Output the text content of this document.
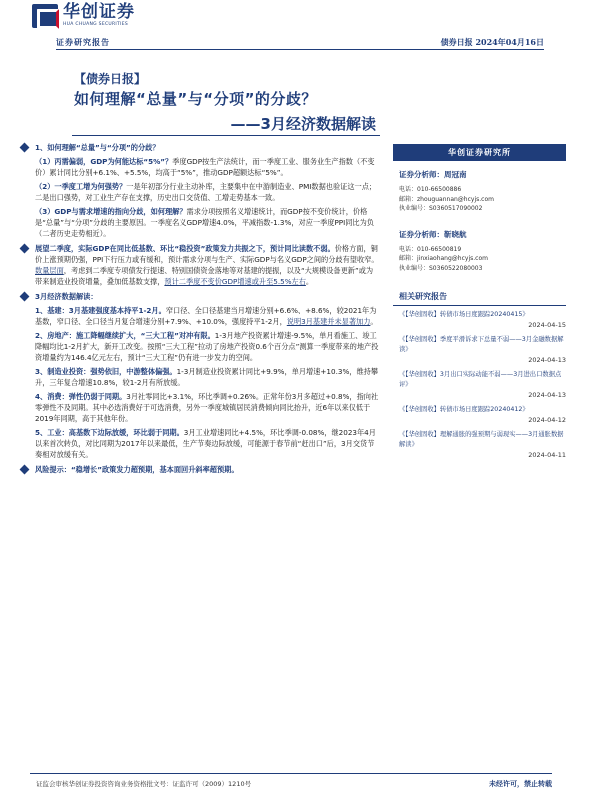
华创证券
HUA CHUANG SECURITIES
证券研究报告	债券日报 2024年04月16日
【债券日报】
如何理解“总量”与“分项”的分歧？
——3月经济数据解读
1、如何理解“总量”与“分项”的分歧？
（1）丙需偏弱，GDP为何能达标“5%”？季度GDP按生产法统计，而一季度工业、服务业生产指数（不变价）累计同比分别+6.1%、+5.5%，均高于“5%”，推动GDP超额达标“5%”。
（2）一季度工增为何强势？一是年初部分行业主动补库，主要集中在中游制造业、PMI数据也验证这一点；二是出口强势，对工业生产存在支撑，历史出口交货值、工增走势基本一致。
（3）GDP与需求增速的指向分歧，如何理解？需求分项按照名义增速统计，而GDP按不变价统计，价格是“总量”与“分项”分歧的主要原因。一季度名义GDP增速4.0%，平减指数-1.3%，对应一季度PPI同比为负（二者历史走势相近）。
展望二季度，实际GDP在同比低基数、环比“稳投资”政策发力共振之下，预计同比读数不弱。价格方面，铜价上涨预期仍强，PPI下行压力或有缓和，预计需求分项与生产、实际GDP与名义GDP之间的分歧有望收窄。数量层面，考虑到二季度专项债发行提速、特别国债资金落地等对基建的提振，以及“大规模设备更新”或为带来制造业投资增量，叠加低基数支撑，预计二季度不变价GDP增速或升至5.5%左右。
3月经济数据解读：
1、基建：3月基建强度基本持平1-2月。窄口径、全口径基建当月增速分别+6.6%、+8.6%，较2021年为基数，窄口径、全口径当月复合增速分别+7.9%、+10.0%，强度持平1-2月，说明3月基建并未显著加力。
2、房地产：施工降幅继续扩大，“三大工程”对冲有限。1-3月地产投资累计增速-9.5%，单月看施工、竣工降幅均比1-2月扩大，新开工改变。按照“三大工程”拉动了房地产投资0.6个百分点”测算一季度带来的地产投资增量约为146.4亿元左右，预计“三大工程”仍有进一步发力的空间。
3、制造业投资：强势依旧，中游整体偏强。1-3月制造业投资累计同比+9.9%，单月增速+10.3%，维持攀升，三年复合增速10.8%，较1-2月有所放缓。
4、消费：弹性仍弱于同期。3月社零同比+3.1%，环比季调+0.26%。正常年份3月多超过+0.8%，指向社零弹性不及同期。其中必选消费好于可选消费，另外一季度城镇居民消费倾向同比抬升，近6年以来仅低于2019年同期，高于其他年份。
5、工业：高基数下边际放缓，环比弱于同期。3月工业增速同比+4.5%，环比季调-0.08%，继2023年4月以来首次转负，对比同期为2017年以来最低，生产节奏边际放缓，可能源于春节前“赶出口”后，3月交货节奏相对放缓有关。
风险提示：“稳增长”政策发力超预期，基本面回升斜率超预期。
华创证券研究所
证券分析师：周冠南
电话：010-66500886
邮箱：zhouguannan@hcyjs.com
执业编号：S0360517090002
证券分析师：靳晓航
电话：010-66500819
邮箱：jinxiaohang@hcyjs.com
执业编号：S0360522080003
相关研究报告
《【华创固收】转债市场日度跟踪20240415》
2024-04-15
《【华创固收】季度平滑诉求下总量不弱——3月金融数据解读》
2024-04-13
《【华创固收】3月出口实际动能不弱——3月进出口数据点评》
2024-04-13
《【华创固收】转债市场日度跟踪20240412》
2024-04-12
《【华创固收】理解通胀的强预期与弱现实——3月通胀数据解读》
2024-04-11
证监会审核华创证券投资咨询业务资格批文号：证监许可（2009）1210号	未经许可，禁止转载
